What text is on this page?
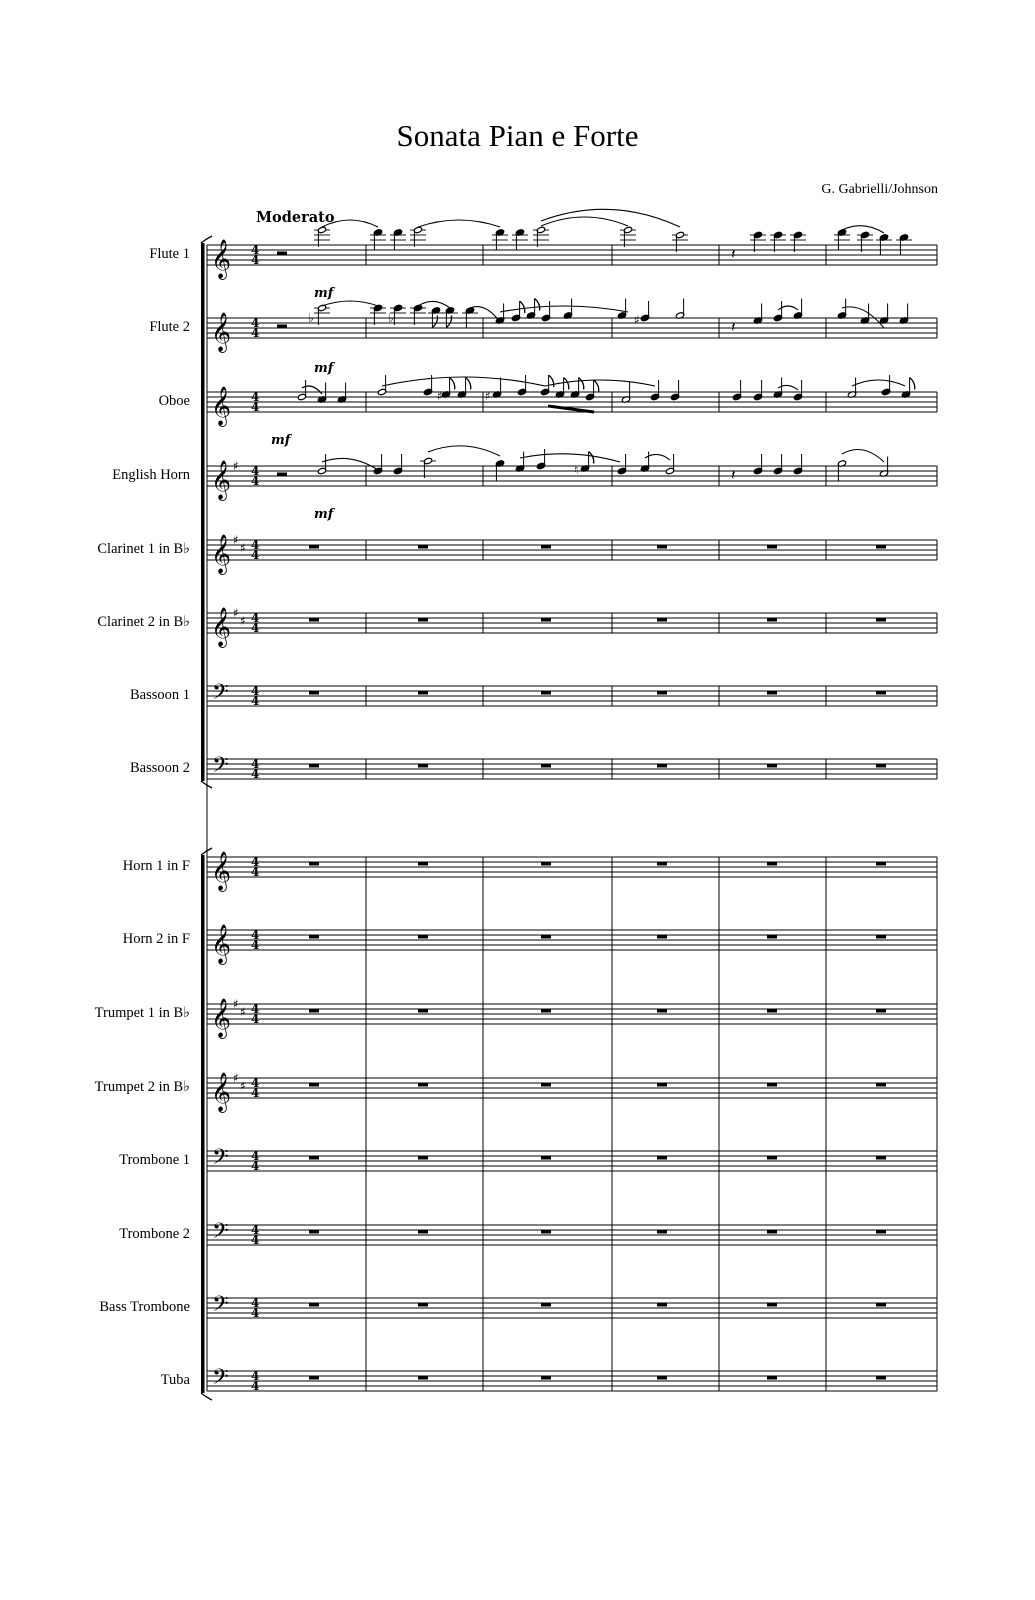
Sonata Pian e Forte
G. Gabrielli/Johnson
Flute 1
Flute 2
Oboe
English Horn
Clarinet 1 in B♭
Clarinet 2 in B♭
Bassoon 1
Bassoon 2
Horn 1 in F
Horn 2 in F
Trumpet 1 in B♭
Trumpet 2 in B♭
Trombone 1
Trombone 2
Bass Trombone
Tuba
𝄞 4
4
𝄞 4
4
𝄞 4
4
𝄞 ♯ 4
4
𝄞 ♯
♯ 4
4
𝄞 ♯
♯ 4
4
𝄢 4
4
𝄢 4
4
𝄞 4
4
𝄞 4
4
𝄞 ♯
♯ 4
4
𝄞 ♯
♯ 4
4
𝄢 4
4
𝄢 4
4
𝄢 4
4
𝄢 4
4
Moderato
mf
𝄽
♭
mf
♭	♯	𝄽
mf
♯	♯
mf
♮	𝄽
